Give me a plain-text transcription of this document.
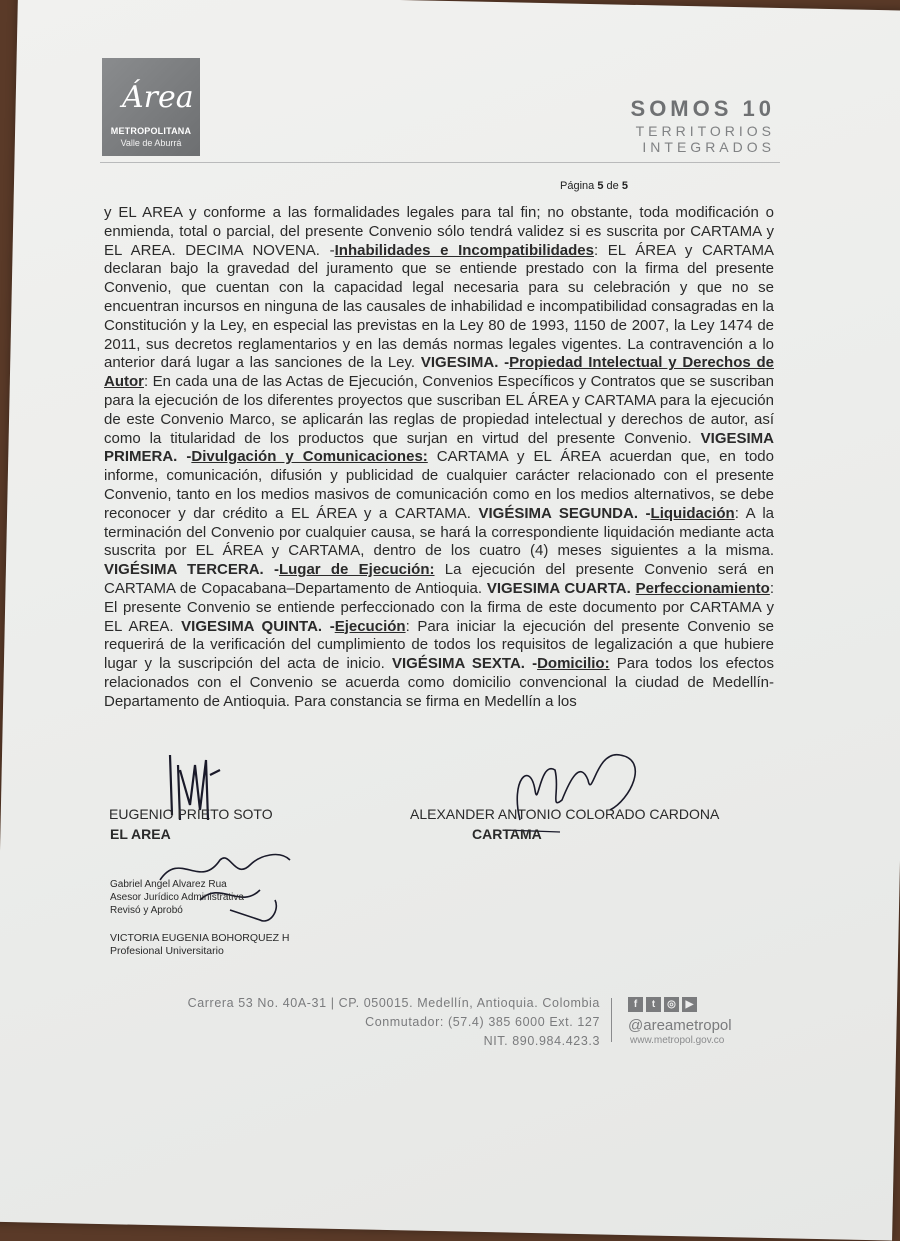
Área
METROPOLITANA
Valle de Aburrá
SOMOS 10
TERRITORIOS
INTEGRADOS
Página 5 de 5
y EL AREA y conforme a las formalidades legales para tal fin; no obstante, toda modificación o enmienda, total o parcial, del presente Convenio sólo tendrá validez si es suscrita por CARTAMA y EL AREA. DECIMA NOVENA. -Inhabilidades e Incompatibilidades: EL ÁREA y CARTAMA declaran bajo la gravedad del juramento que se entiende prestado con la firma del presente Convenio, que cuentan con la capacidad legal necesaria para su celebración y que no se encuentran incursos en ninguna de las causales de inhabilidad e incompatibilidad consagradas en la Constitución y la Ley, en especial las previstas en la Ley 80 de 1993, 1150 de 2007, la Ley 1474 de 2011, sus decretos reglamentarios y en las demás normas legales vigentes. La contravención a lo anterior dará lugar a las sanciones de la Ley. VIGESIMA. -Propiedad Intelectual y Derechos de Autor: En cada una de las Actas de Ejecución, Convenios Específicos y Contratos que se suscriban para la ejecución de los diferentes proyectos que suscriban EL ÁREA y CARTAMA para la ejecución de este Convenio Marco, se aplicarán las reglas de propiedad intelectual y derechos de autor, así como la titularidad de los productos que surjan en virtud del presente Convenio. VIGESIMA PRIMERA. -Divulgación y Comunicaciones: CARTAMA y EL ÁREA acuerdan que, en todo informe, comunicación, difusión y publicidad de cualquier carácter relacionado con el presente Convenio, tanto en los medios masivos de comunicación como en los medios alternativos, se debe reconocer y dar crédito a EL ÁREA y a CARTAMA. VIGÉSIMA SEGUNDA. -Liquidación: A la terminación del Convenio por cualquier causa, se hará la correspondiente liquidación mediante acta suscrita por EL ÁREA y CARTAMA, dentro de los cuatro (4) meses siguientes a la misma. VIGÉSIMA TERCERA. -Lugar de Ejecución: La ejecución del presente Convenio será en CARTAMA de Copacabana–Departamento de Antioquia. VIGESIMA CUARTA. Perfeccionamiento: El presente Convenio se entiende perfeccionado con la firma de este documento por CARTAMA y EL AREA. VIGESIMA QUINTA. -Ejecución: Para iniciar la ejecución del presente Convenio se requerirá de la verificación del cumplimiento de todos los requisitos de legalización a que hubiere lugar y la suscripción del acta de inicio. VIGÉSIMA SEXTA. -Domicilio: Para todos los efectos relacionados con el Convenio se acuerda como domicilio convencional la ciudad de Medellín-Departamento de Antioquia. Para constancia se firma en Medellín a los
EUGENIO PRIETO SOTO
EL AREA
ALEXANDER ANTONIO COLORADO CARDONA
CARTAMA
Gabriel Angel Alvarez Rua
Asesor Jurídico Administrativa
Revisó y Aprobó
VICTORIA EUGENIA BOHORQUEZ H
Profesional Universitario
Carrera 53 No. 40A-31 | CP. 050015. Medellín, Antioquia. Colombia
Conmutador: (57.4) 385 6000 Ext. 127
NIT. 890.984.423.3
f	t	◎ ▶
@areametropol
www.metropol.gov.co
